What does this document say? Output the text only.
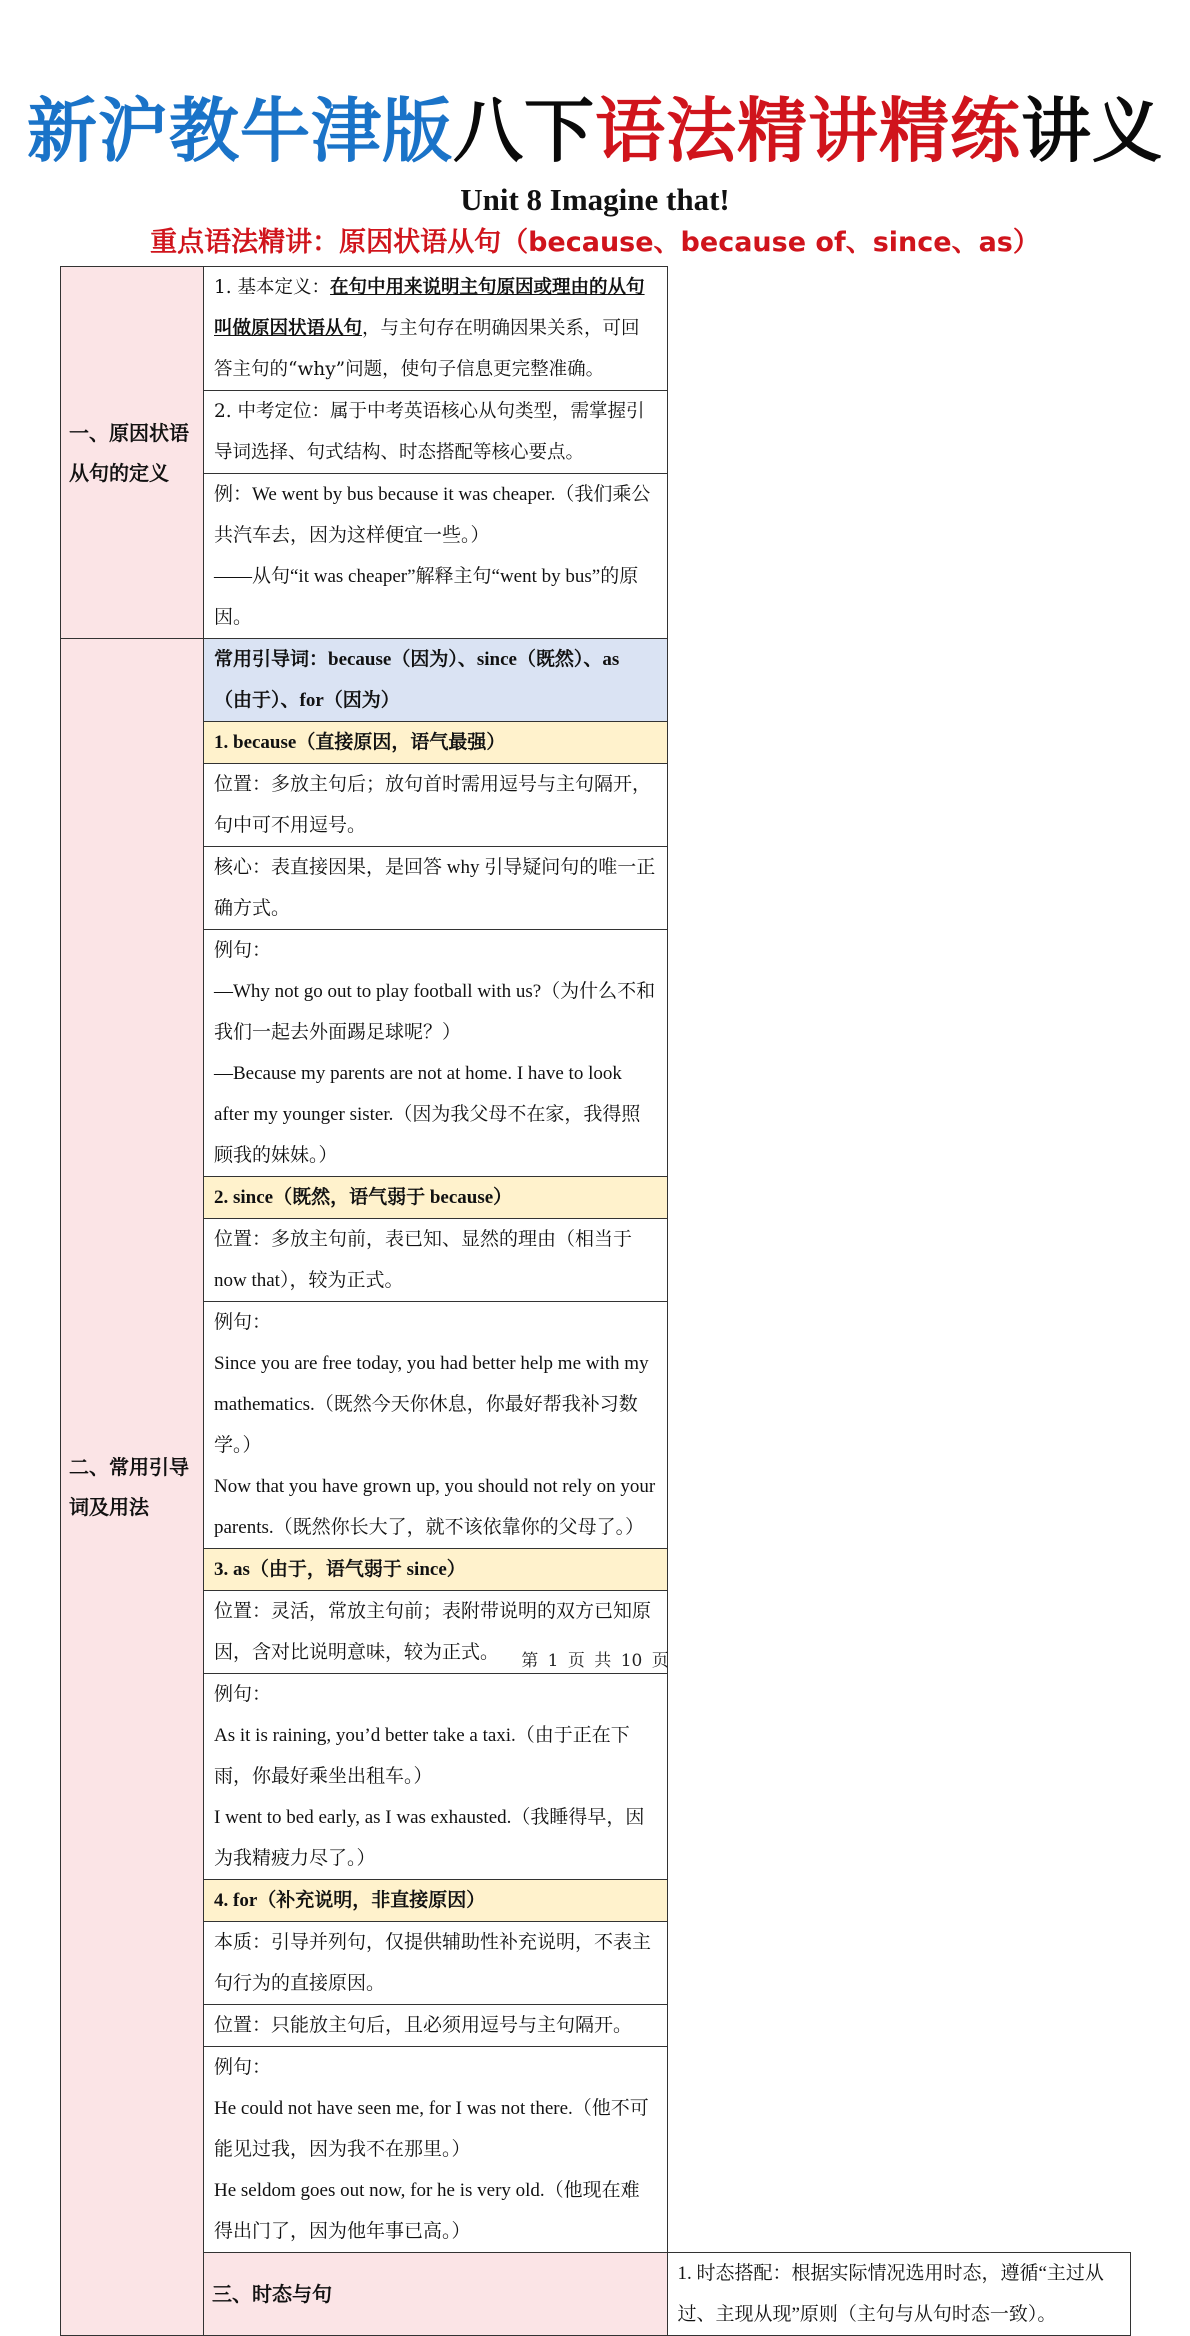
新沪教牛津版八下语法精讲精练讲义
Unit 8 Imagine that!
重点语法精讲：原因状语从句（because、because of、since、as）
一、原因状语从句的定义	1. 基本定义：在句中用来说明主句原因或理由的从句叫做原因状语从句，与主句存在明确因果关系，可回答主句的“why”问题，使句子信息更完整准确。	
	2. 中考定位：属于中考英语核心从句类型，需掌握引导词选择、句式结构、时态搭配等核心要点。	

	例：We went by bus because it was cheaper.（我们乘公共汽车去，因为这样便宜一些。）
——从句“it was cheaper”解释主句“went by bus”的原因。	

二、常用引导词及用法	常用引导词：because（因为）、since（既然）、as（由于）、for（因为）	
	1. because（直接原因，语气最强）	
	位置：多放主句后；放句首时需用逗号与主句隔开，句中可不用逗号。	
	核心：表直接因果，是回答 why 引导疑问句的唯一正确方式。	

	例句：
—Why not go out to play football with us?（为什么不和我们一起去外面踢足球呢？）
—Because my parents are not at home. I have to look after my younger sister.（因为我父母不在家，我得照顾我的妹妹。）	

	2. since（既然，语气弱于 because）	
	位置：多放主句前，表已知、显然的理由（相当于 now that），较为正式。	

	例句：
Since you are free today, you had better help me with my mathematics.（既然今天你休息，你最好帮我补习数学。）
Now that you have grown up, you should not rely on your parents.（既然你长大了，就不该依靠你的父母了。）	

	3. as（由于，语气弱于 since）	
	位置：灵活，常放主句前；表附带说明的双方已知原因，含对比说明意味，较为正式。	

	例句：
As it is raining, you’d better take a taxi.（由于正在下雨，你最好乘坐出租车。）
I went to bed early, as I was exhausted.（我睡得早，因为我精疲力尽了。）	

	4. for（补充说明，非直接原因）	
	本质：引导并列句，仅提供辅助性补充说明，不表主句行为的直接原因。	
	位置：只能放主句后，且必须用逗号与主句隔开。	

	例句：
He could not have seen me, for I was not there.（他不可能见过我，因为我不在那里。）
He seldom goes out now, for he is very old.（他现在难得出门了，因为他年事已高。）	

	三、时态与句	1. 时态搭配：根据实际情况选用时态，遵循“主过从过、主现从现”原则（主句与从句时态一致）。
第 1 页 共 10 页
